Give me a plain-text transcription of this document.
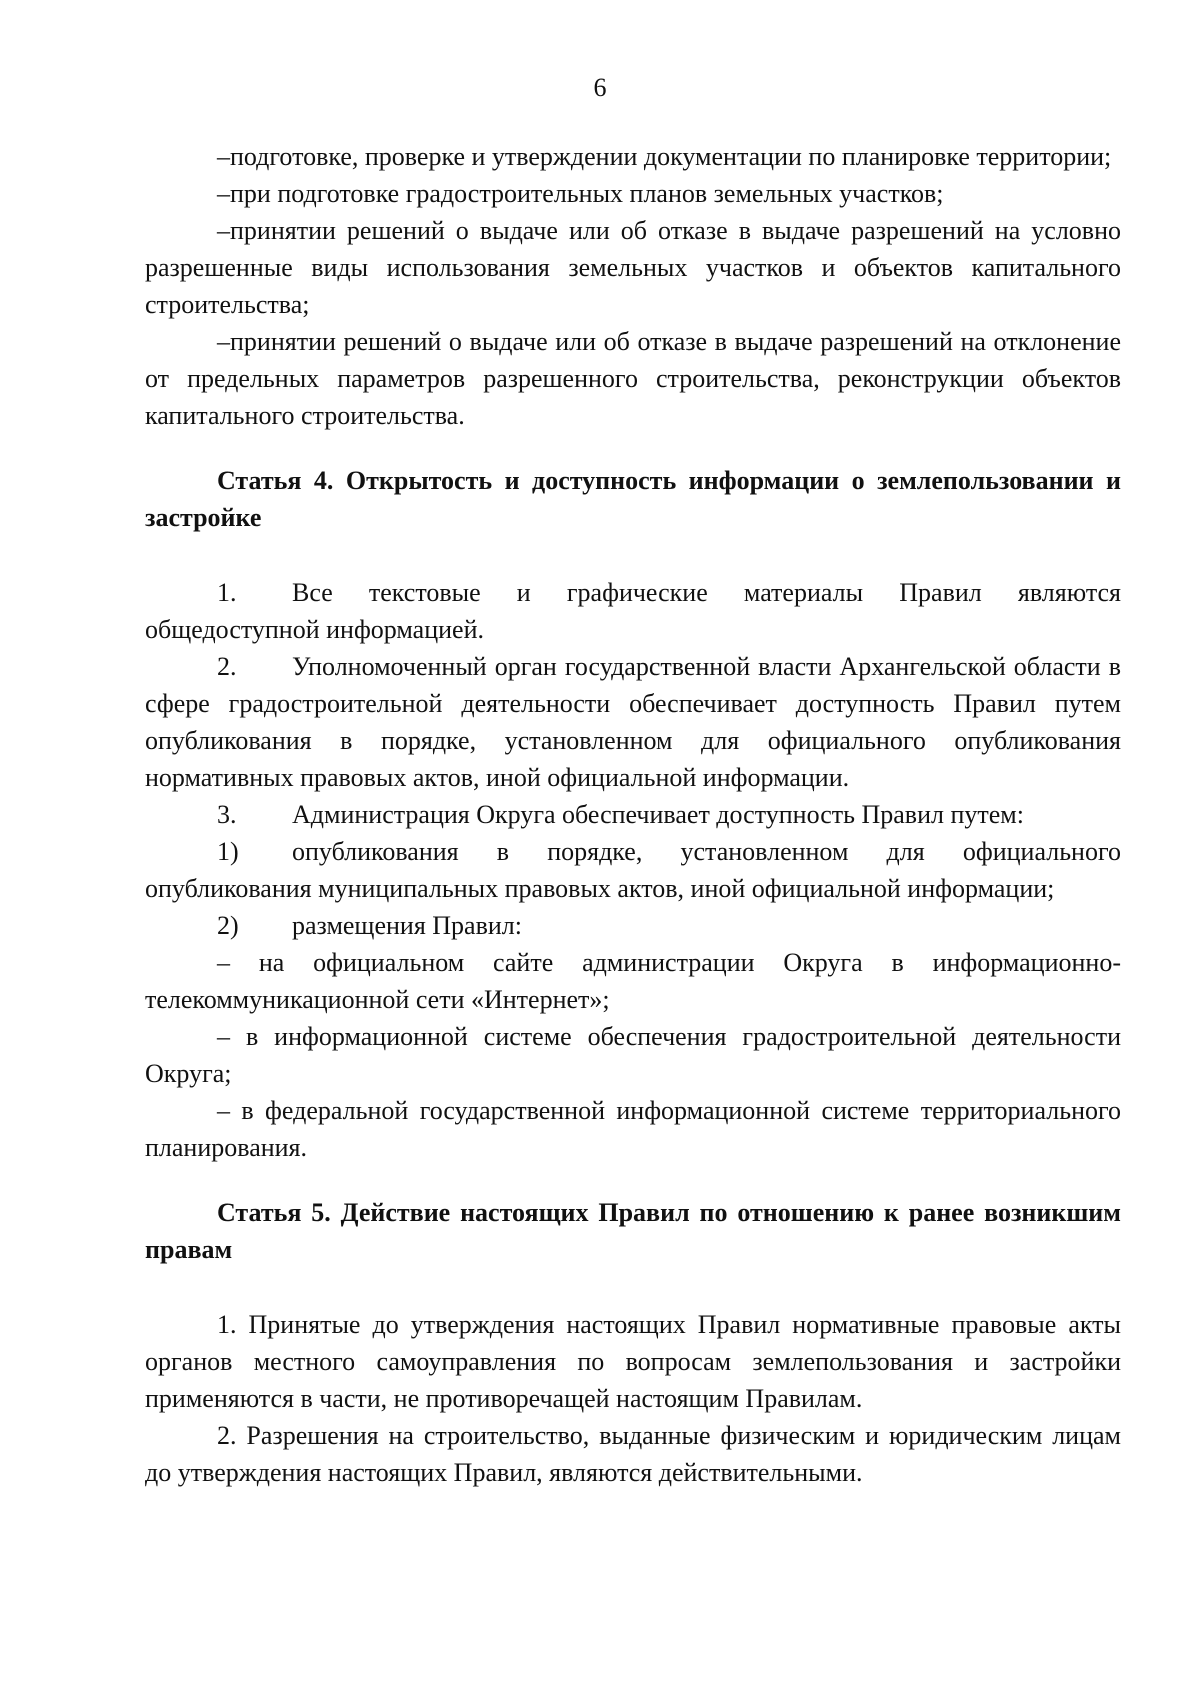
6

–подготовке, проверке и утверждении документации по планировке территории;

–при подготовке градостроительных планов земельных участков;

–принятии решений о выдаче или об отказе в выдаче разрешений на условно разрешенные виды использования земельных участков и объектов капитального строительства;

–принятии решений о выдаче или об отказе в выдаче разрешений на отклонение от предельных параметров разрешенного строительства, реконструкции объектов капитального строительства.

Статья 4. Открытость и доступность информации о землепользовании и застройке

1. Все текстовые и графические материалы Правил являются общедоступной информацией.

2. Уполномоченный орган государственной власти Архангельской области в сфере градостроительной деятельности обеспечивает доступность Правил путем опубликования в порядке, установленном для официального опубликования нормативных правовых актов, иной официальной информации.

3. Администрация Округа обеспечивает доступность Правил путем:

1) опубликования в порядке, установленном для официального опубликования муниципальных правовых актов, иной официальной информации;

2) размещения Правил:

– на официальном сайте администрации Округа в информационно-телекоммуникационной сети «Интернет»;

– в информационной системе обеспечения градостроительной деятельности Округа;

– в федеральной государственной информационной системе территориального планирования.

Статья 5. Действие настоящих Правил по отношению к ранее возникшим правам

1. Принятые до утверждения настоящих Правил нормативные правовые акты органов местного самоуправления по вопросам землепользования и застройки применяются в части, не противоречащей настоящим Правилам.

2. Разрешения на строительство, выданные физическим и юридическим лицам до утверждения настоящих Правил, являются действительными.
